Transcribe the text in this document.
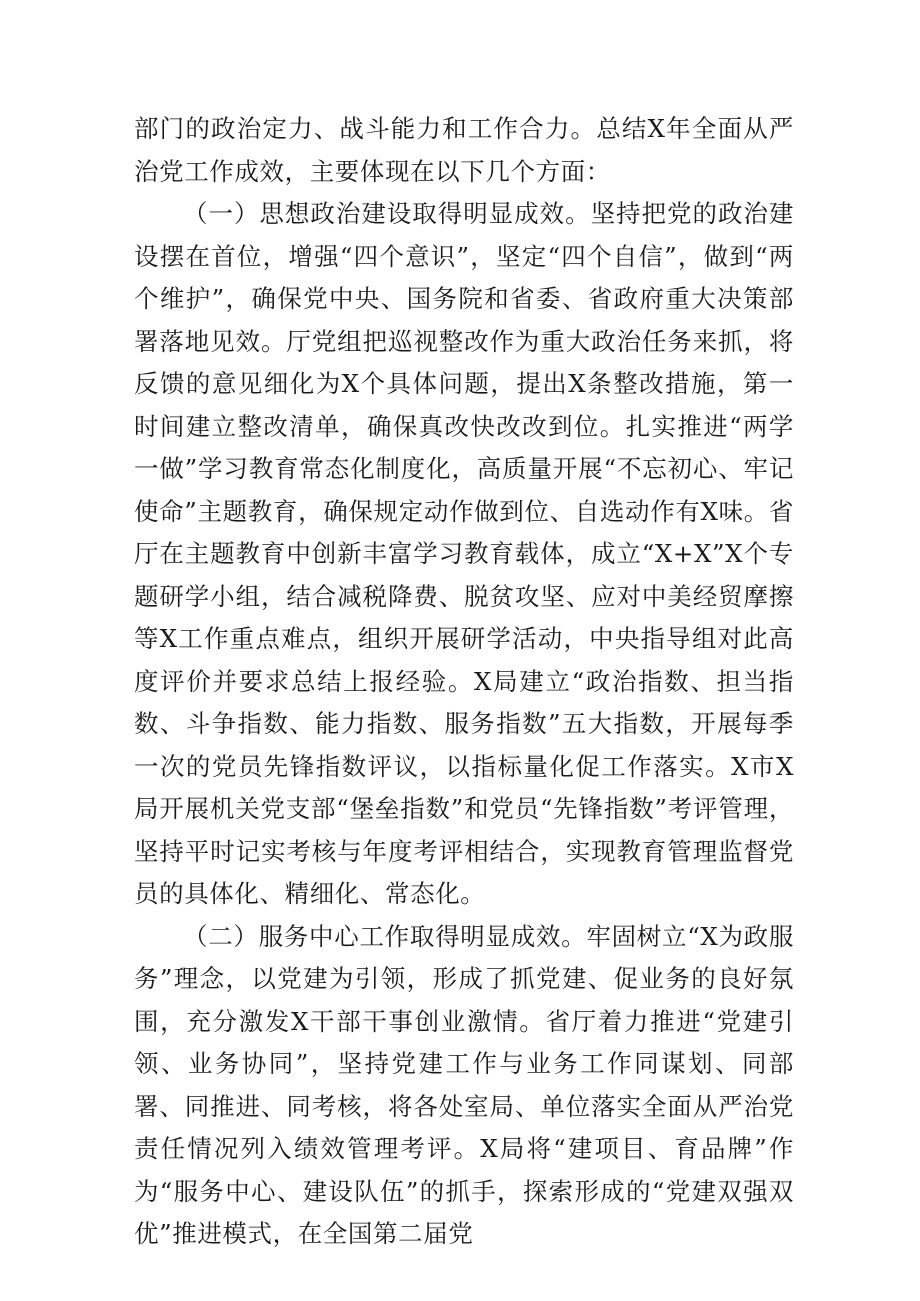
部门的政治定力、战斗能力和工作合力。总结X年全面从严治党工作成效，主要体现在以下几个方面：

（一）思想政治建设取得明显成效。坚持把党的政治建设摆在首位，增强“四个意识”，坚定“四个自信”，做到“两个维护”，确保党中央、国务院和省委、省政府重大决策部署落地见效。厅党组把巡视整改作为重大政治任务来抓，将反馈的意见细化为X个具体问题，提出X条整改措施，第一时间建立整改清单，确保真改快改改到位。扎实推进“两学一做”学习教育常态化制度化，高质量开展“不忘初心、牢记使命”主题教育，确保规定动作做到位、自选动作有X味。省厅在主题教育中创新丰富学习教育载体，成立“X+X”X个专题研学小组，结合减税降费、脱贫攻坚、应对中美经贸摩擦等X工作重点难点，组织开展研学活动，中央指导组对此高度评价并要求总结上报经验。X局建立“政治指数、担当指数、斗争指数、能力指数、服务指数”五大指数，开展每季一次的党员先锋指数评议，以指标量化促工作落实。X市X局开展机关党支部“堡垒指数”和党员“先锋指数”考评管理，坚持平时记实考核与年度考评相结合，实现教育管理监督党员的具体化、精细化、常态化。

（二）服务中心工作取得明显成效。牢固树立“X为政服务”理念，以党建为引领，形成了抓党建、促业务的良好氛围，充分激发X干部干事创业激情。省厅着力推进“党建引领、业务协同”，坚持党建工作与业务工作同谋划、同部署、同推进、同考核，将各处室局、单位落实全面从严治党责任情况列入绩效管理考评。X局将“建项目、育品牌”作为“服务中心、建设队伍”的抓手，探索形成的“党建双强双优”推进模式，在全国第二届党
